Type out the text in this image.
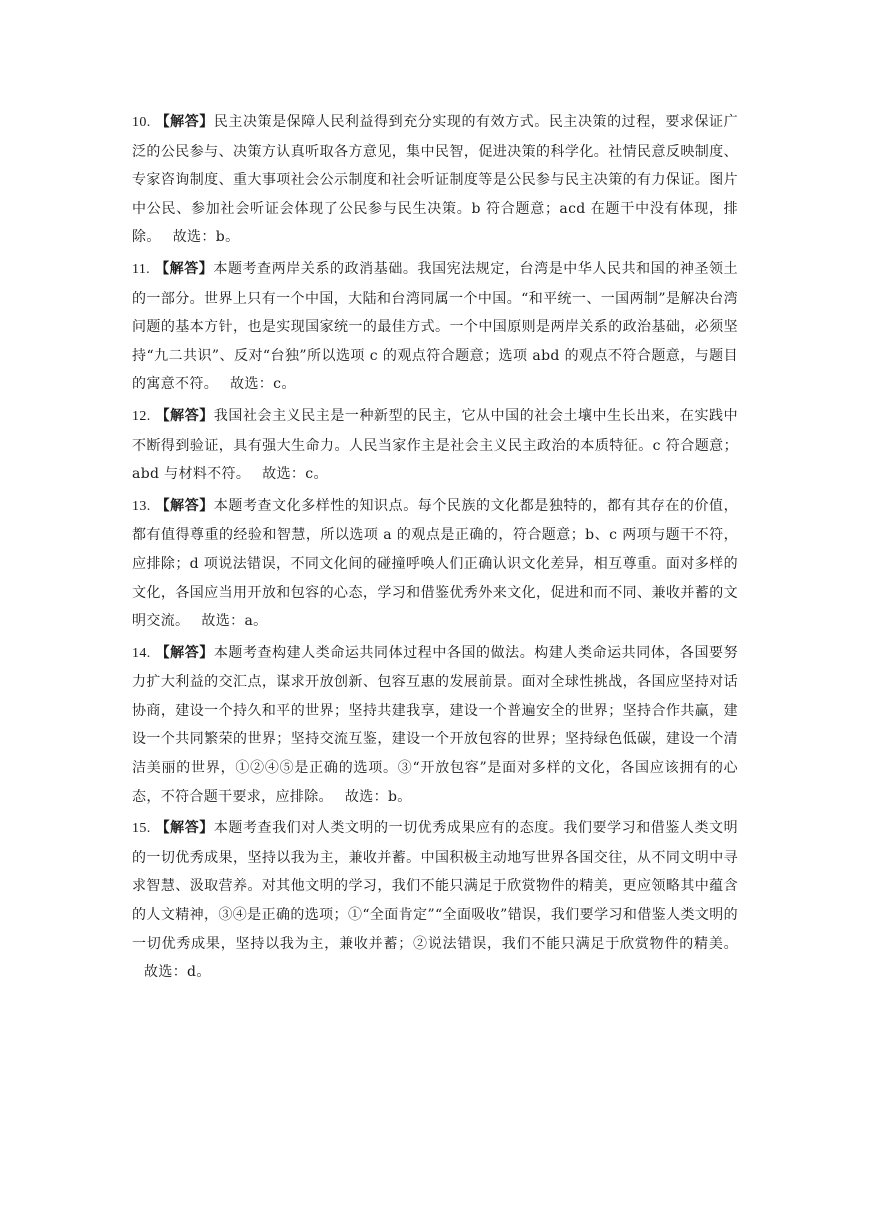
10. 【解答】民主决策是保障人民利益得到充分实现的有效方式。民主决策的过程，要求保证广泛的公民参与、决策方认真听取各方意见，集中民智，促进决策的科学化。社情民意反映制度、专家咨询制度、重大事项社会公示制度和社会听证制度等是公民参与民主决策的有力保证。图片中公民、参加社会听证会体现了公民参与民生决策。b 符合题意；acd 在题干中没有体现，排除。 故选：b。

11. 【解答】本题考查两岸关系的政消基础。我国宪法规定，台湾是中华人民共和国的神圣领土的一部分。世界上只有一个中国，大陆和台湾同属一个中国。“和平统一、一国两制”是解决台湾问题的基本方针，也是实现国家统一的最佳方式。一个中国原则是两岸关系的政治基础，必须坚持“九二共识”、反对“台独”所以选项 c 的观点符合题意；选项 abd 的观点不符合题意，与题目的寓意不符。 故选：c。

12. 【解答】我国社会主义民主是一种新型的民主，它从中国的社会土壤中生长出来，在实践中不断得到验证，具有强大生命力。人民当家作主是社会主义民主政治的本质特征。c 符合题意；abd 与材料不符。 故选：c。

13. 【解答】本题考查文化多样性的知识点。每个民族的文化都是独特的，都有其存在的价值，都有值得尊重的经验和智慧，所以选项 a 的观点是正确的，符合题意；b、c 两项与题干不符，应排除；d 项说法错误，不同文化间的碰撞呼唤人们正确认识文化差异，相互尊重。面对多样的文化，各国应当用开放和包容的心态，学习和借鉴优秀外来文化，促进和而不同、兼收并蓄的文明交流。 故选：a。

14. 【解答】本题考查构建人类命运共同体过程中各国的做法。构建人类命运共同体，各国要努力扩大利益的交汇点，谋求开放创新、包容互惠的发展前景。面对全球性挑战，各国应坚持对话协商，建设一个持久和平的世界；坚持共建我享，建设一个普遍安全的世界；坚持合作共赢，建设一个共同繁荣的世界；坚持交流互鉴，建设一个开放包容的世界；坚持绿色低碳，建设一个清洁美丽的世界，①②④⑤是正确的选项。③“开放包容”是面对多样的文化，各国应该拥有的心态，不符合题干要求，应排除。 故选：b。

15. 【解答】本题考查我们对人类文明的一切优秀成果应有的态度。我们要学习和借鉴人类文明的一切优秀成果，坚持以我为主，兼收并蓄。中国积极主动地写世界各国交往，从不同文明中寻求智慧、汲取营养。对其他文明的学习，我们不能只满足于欣赏物件的精美，更应领略其中蕴含的人文精神，③④是正确的选项；①“全面肯定”“全面吸收”错误，我们要学习和借鉴人类文明的一切优秀成果，坚持以我为主，兼收并蓄；②说法错误，我们不能只满足于欣赏物件的精美。故选：d。
